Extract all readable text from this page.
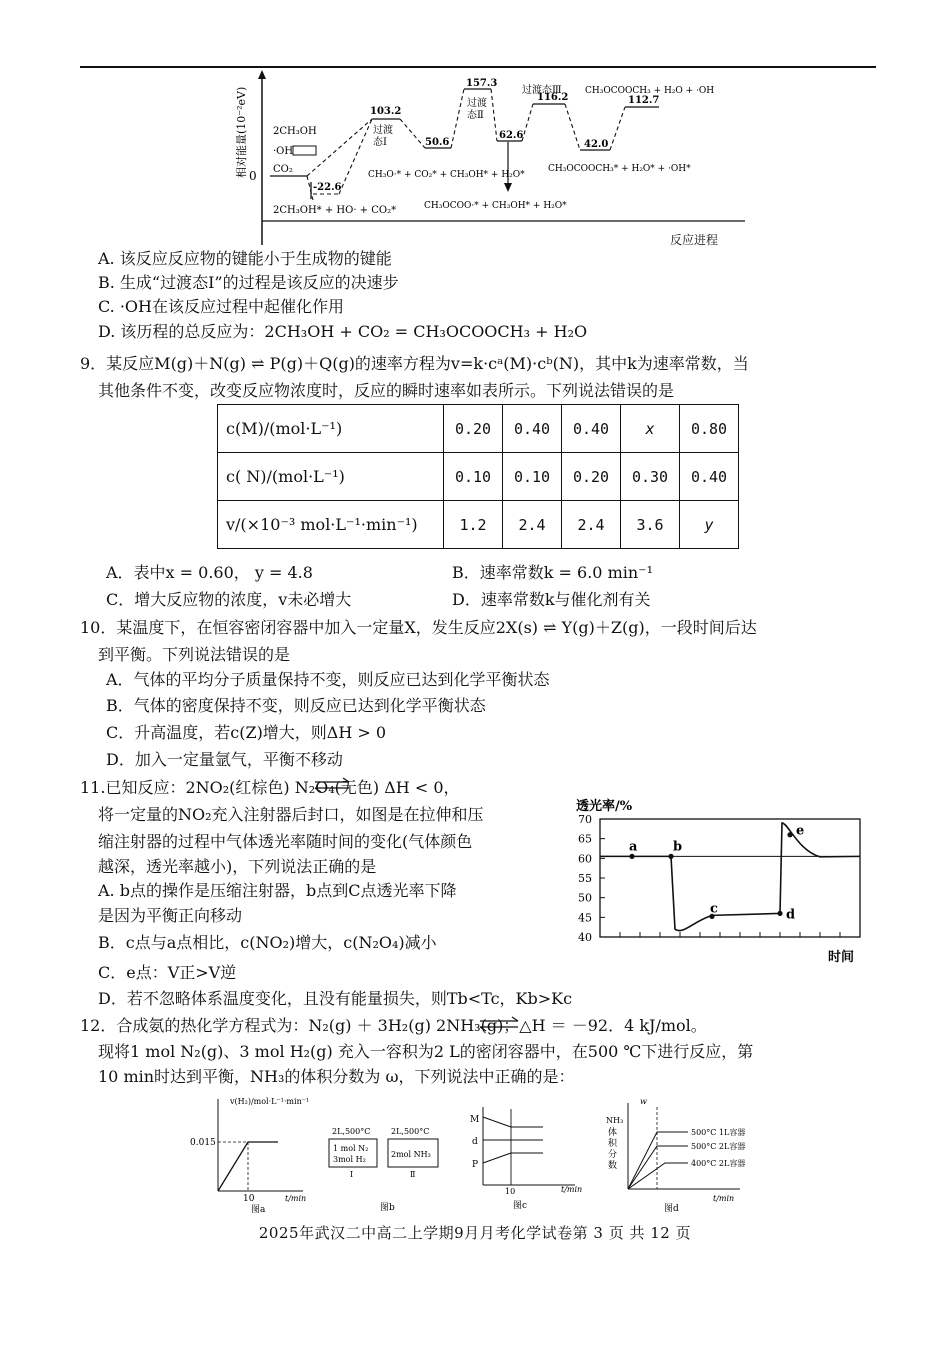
相对能量(10⁻²eV) 0
103.2
-22.6
50.6
157.3
62.6
116.2
42.0
112.7
过渡
态Ⅰ
过渡
态Ⅱ
过渡态Ⅲ
2CH₃OH
·OH
CO₂
2CH₃OH* + HO· + CO₂*
CH₃O·* + CO₂* + CH₃OH* + H₂O*
CH₃OCOO·* + CH₃OH* + H₂O*
CH₃OCOOCH₃* + H₂O* + ·OH*
CH₃OCOOCH₃ + H₂O + ·OH
反应进程
A. 该反应反应物的键能小于生成物的键能
B. 生成“过渡态Ⅰ”的过程是该反应的决速步
C. ·OH在该反应过程中起催化作用
D. 该历程的总反应为：2CH₃OH + CO₂ = CH₃OCOOCH₃ + H₂O
9．某反应M(g)＋N(g) ⇌ P(g)＋Q(g)的速率方程为v=k·cᵃ(M)·cᵇ(N)，其中k为速率常数，当
其他条件不变，改变反应物浓度时，反应的瞬时速率如表所示。下列说法错误的是
c(M)/(mol·L⁻¹)	0.20	0.40	0.40	x	0.80
c( N)/(mol·L⁻¹)	0.10	0.10	0.20	0.30	0.40
v/(×10⁻³ mol·L⁻¹·min⁻¹)	1.2	2.4	2.4	3.6	y
A．表中x = 0.60， y = 4.8	B．速率常数k = 6.0 min⁻¹
C．增大反应物的浓度，v未必增大	D．速率常数k与催化剂有关
10．某温度下，在恒容密闭容器中加入一定量X，发生反应2X(s) ⇌ Y(g)＋Z(g)，一段时间后达
到平衡。下列说法错误的是
A．气体的平均分子质量保持不变，则反应已达到化学平衡状态
B．气体的密度保持不变，则反应已达到化学平衡状态
C．升高温度，若c(Z)增大，则ΔH > 0
D．加入一定量氩气，平衡不移动
11.已知反应：2NO₂(红棕色) N₂O₄(无色) ΔH < 0，
将一定量的NO₂充入注射器后封口，如图是在拉伸和压
缩注射器的过程中气体透光率随时间的变化(气体颜色
越深，透光率越小)，下列说法正确的是
A. b点的操作是压缩注射器，b点到C点透光率下降
是因为平衡正向移动
B．c点与a点相比，c(NO₂)增大，c(N₂O₄)减小
C．e点：V正>V逆
D．若不忽略体系温度变化，且没有能量损失，则Tb<Tc，Kb>Kc
透光率/%
70
65
60
55
50
45
40
a	b
c	d
e
时间
12．合成氨的热化学方程式为：N₂(g) ＋ 3H₂(g) 2NH₃(g)；△H ＝ －92．4 kJ/mol。
现将1 mol N₂(g)、3 mol H₂(g) 充入一容积为2 L的密闭容器中，在500 ℃下进行反应，第
10 min时达到平衡，NH₃的体积分数为 ω，下列说法中正确的是：
v(H₂)/mol·L⁻¹·min⁻¹
0.015
10	t/min
图a
2L,500°C
1 mol N₂
3mol H₂
Ⅰ
2L,500°C
2mol NH₃
Ⅱ
图b
M
d
P
10	t/min
图c
w
NH₃
体
积
分
数
500°C 1L容器
500°C 2L容器
400°C 2L容器
t/min
图d
2025年武汉二中高二上学期9月月考化学试卷第 3 页 共 12 页
